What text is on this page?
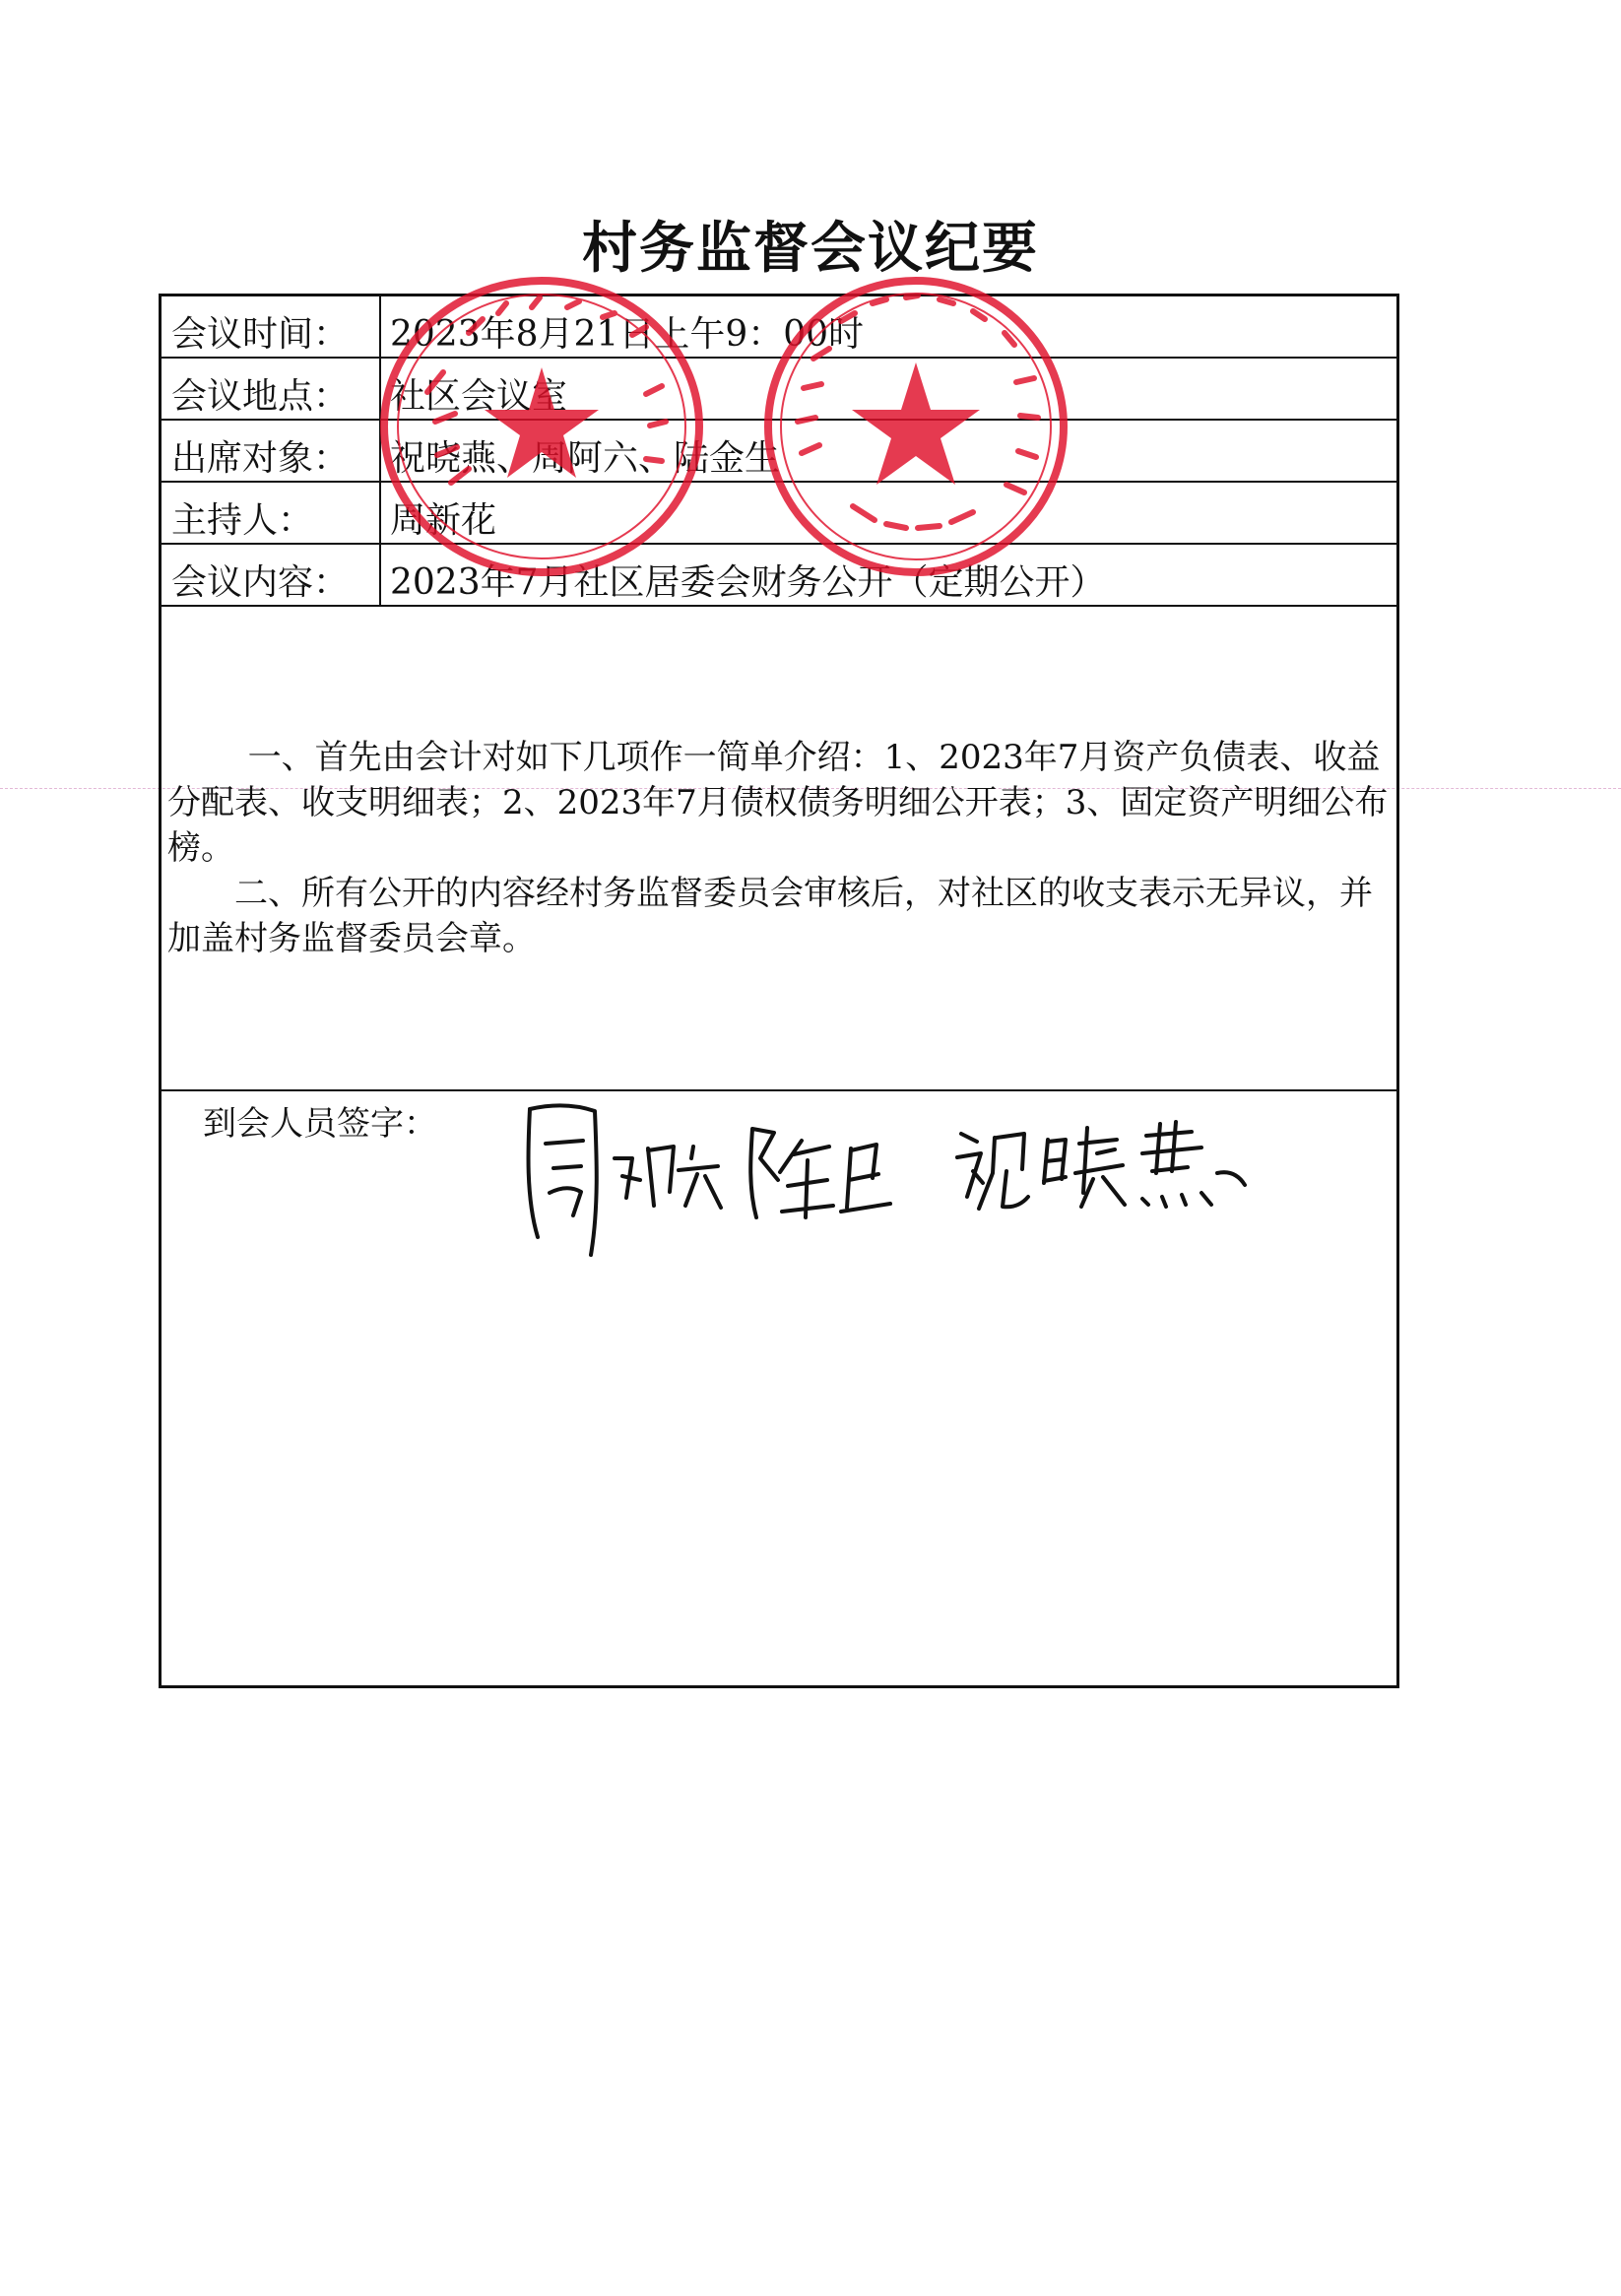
村务监督会议纪要
会议时间：	2023年8月21日上午9：00时
会议地点：	社区会议室
出席对象：	祝晓燕、周阿六、陆金生
主持人：	周新花
会议内容：	2023年7月社区居委会财务公开（定期公开）

一、首先由会计对如下几项作一简单介绍：1、2023年7月资产负债表、收益分配表、收支明细表；2、2023年7月债权债务明细公开表；3、固定资产明细公布榜。

二、所有公开的内容经村务监督委员会审核后，对社区的收支表示无异议，并加盖村务监督委员会章。

到会人员签字：
